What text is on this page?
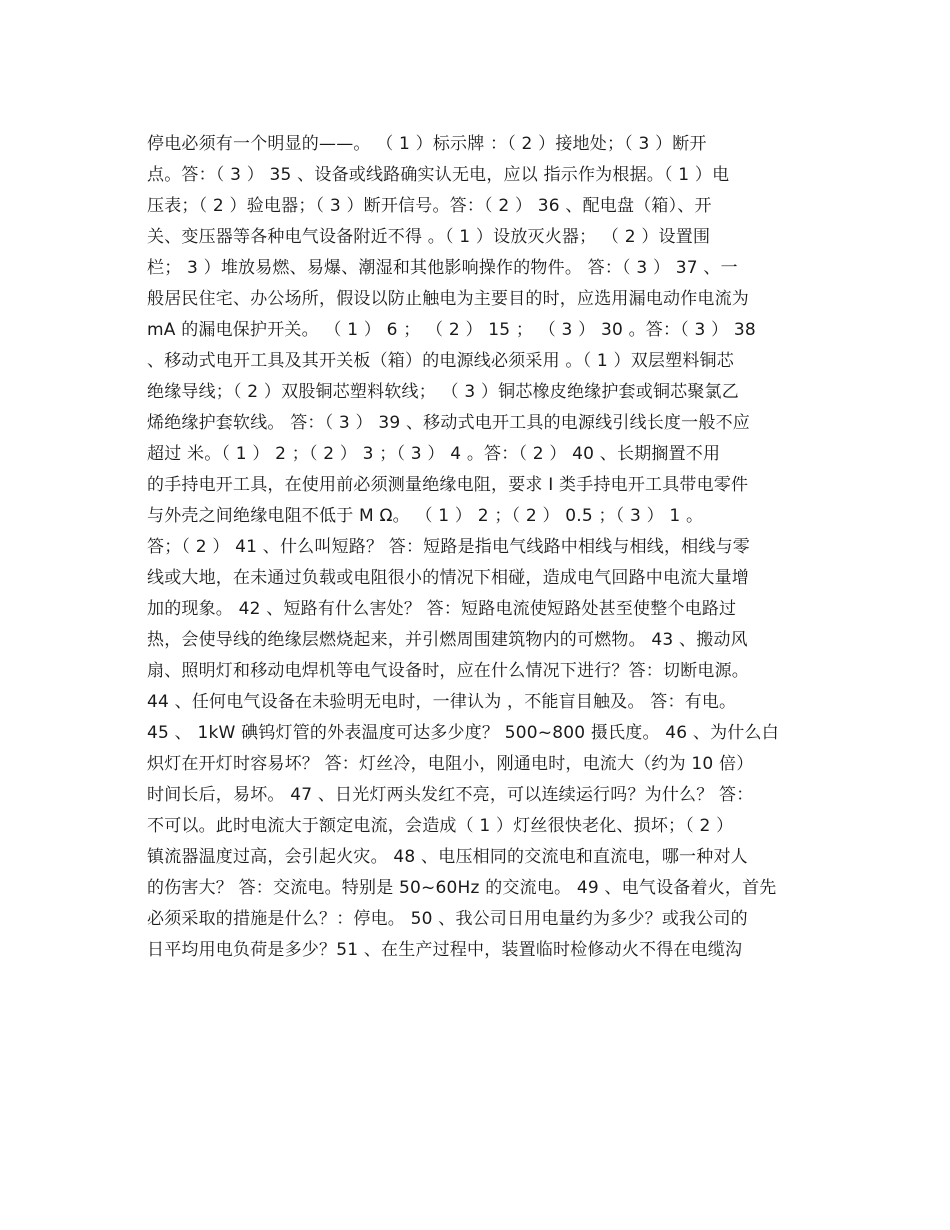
停电必须有一个明显的——。 （ 1 ）标示牌 ：（ 2 ）接地处；（ 3 ）断开
点。答：（ 3 ） 35 、设备或线路确实认无电，应以 指示作为根据。（ 1 ）电
压表；（ 2 ）验电器；（ 3 ）断开信号。答：（ 2 ） 36 、配电盘（箱）、开
关、变压器等各种电气设备附近不得 。（ 1 ）设放灭火器； （ 2 ）设置围
栏； 3 ）堆放易燃、易爆、潮湿和其他影响操作的物件。 答：（ 3 ） 37 、一
般居民住宅、办公场所，假设以防止触电为主要目的时，应选用漏电动作电流为
mA 的漏电保护开关。 （ 1 ） 6 ； （ 2 ） 15 ； （ 3 ） 30 。答：（ 3 ） 38
、移动式电开工具及其开关板（箱）的电源线必须采用 。（ 1 ）双层塑料铜芯
绝缘导线；（ 2 ）双股铜芯塑料软线； （ 3 ）铜芯橡皮绝缘护套或铜芯聚氯乙
烯绝缘护套软线。 答：（ 3 ） 39 、移动式电开工具的电源线引线长度一般不应
超过 米。（ 1 ） 2 ；（ 2 ） 3 ；（ 3 ） 4 。答：（ 2 ） 40 、长期搁置不用
的手持电开工具，在使用前必须测量绝缘电阻，要求 I 类手持电开工具带电零件
与外壳之间绝缘电阻不低于 M Ω。 （ 1 ） 2 ；（ 2 ） 0.5 ；（ 3 ） 1 。
答；（ 2 ） 41 、什么叫短路？ 答：短路是指电气线路中相线与相线，相线与零
线或大地，在未通过负载或电阻很小的情况下相碰，造成电气回路中电流大量增
加的现象。 42 、短路有什么害处？ 答：短路电流使短路处甚至使整个电路过
热，会使导线的绝缘层燃烧起来，并引燃周围建筑物内的可燃物。 43 、搬动风
扇、照明灯和移动电焊机等电气设备时，应在什么情况下进行？答：切断电源。
44 、任何电气设备在未验明无电时，一律认为 ，不能盲目触及。 答：有电。
45 、 1kW 碘钨灯管的外表温度可达多少度？ 500~800 摄氏度。 46 、为什么白
炽灯在开灯时容易坏？ 答：灯丝冷，电阻小，刚通电时，电流大（约为 10 倍）
时间长后，易坏。 47 、日光灯两头发红不亮，可以连续运行吗？为什么？ 答：
不可以。此时电流大于额定电流，会造成（ 1 ）灯丝很快老化、损坏；（ 2 ）
镇流器温度过高，会引起火灾。 48 、电压相同的交流电和直流电，哪一种对人
的伤害大？ 答：交流电。特别是 50~60Hz 的交流电。 49 、电气设备着火，首先
必须采取的措施是什么？：停电。 50 、我公司日用电量约为多少？或我公司的
日平均用电负荷是多少？51 、在生产过程中，装置临时检修动火不得在电缆沟
